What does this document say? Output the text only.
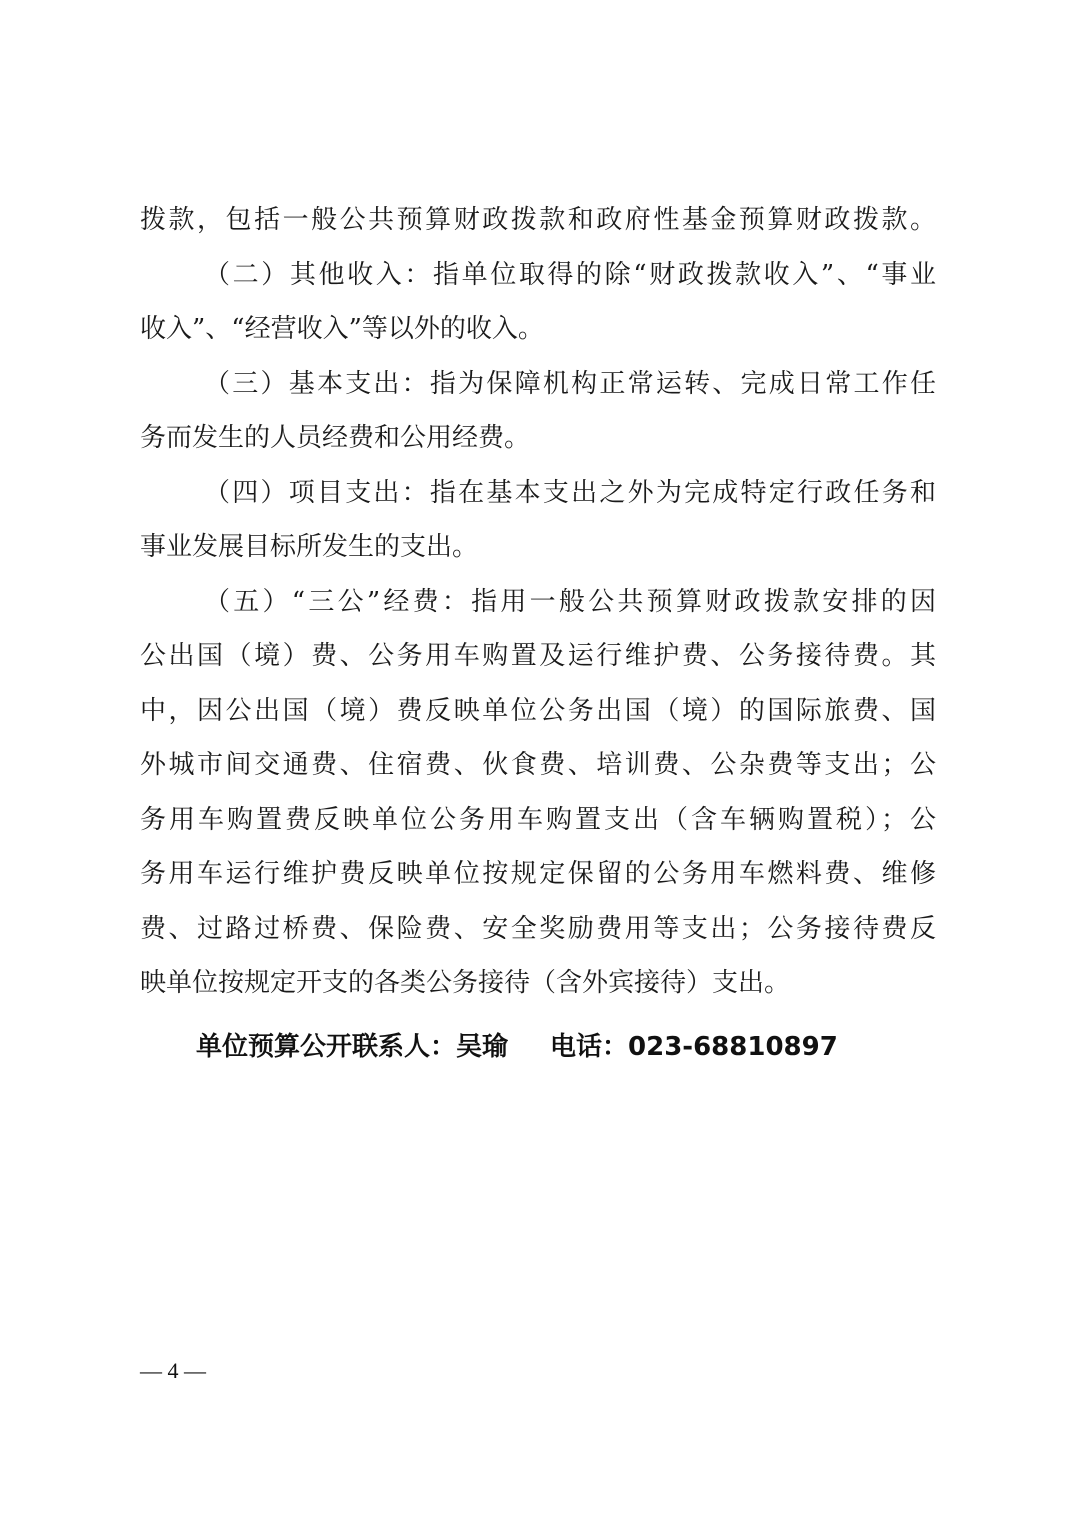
拨款，包括一般公共预算财政拨款和政府性基金预算财政拨款。
（二）其他收入：指单位取得的除“财政拨款收入”、“事业
收入”、“经营收入”等以外的收入。
（三）基本支出：指为保障机构正常运转、完成日常工作任
务而发生的人员经费和公用经费。
（四）项目支出：指在基本支出之外为完成特定行政任务和
事业发展目标所发生的支出。
（五）“三公”经费：指用一般公共预算财政拨款安排的因
公出国（境）费、公务用车购置及运行维护费、公务接待费。其
中，因公出国（境）费反映单位公务出国（境）的国际旅费、国
外城市间交通费、住宿费、伙食费、培训费、公杂费等支出；公
务用车购置费反映单位公务用车购置支出（含车辆购置税）；公
务用车运行维护费反映单位按规定保留的公务用车燃料费、维修
费、过路过桥费、保险费、安全奖励费用等支出；公务接待费反
映单位按规定开支的各类公务接待（含外宾接待）支出。
单位预算公开联系人：吴瑜 电话：023-68810897
— 4 —
